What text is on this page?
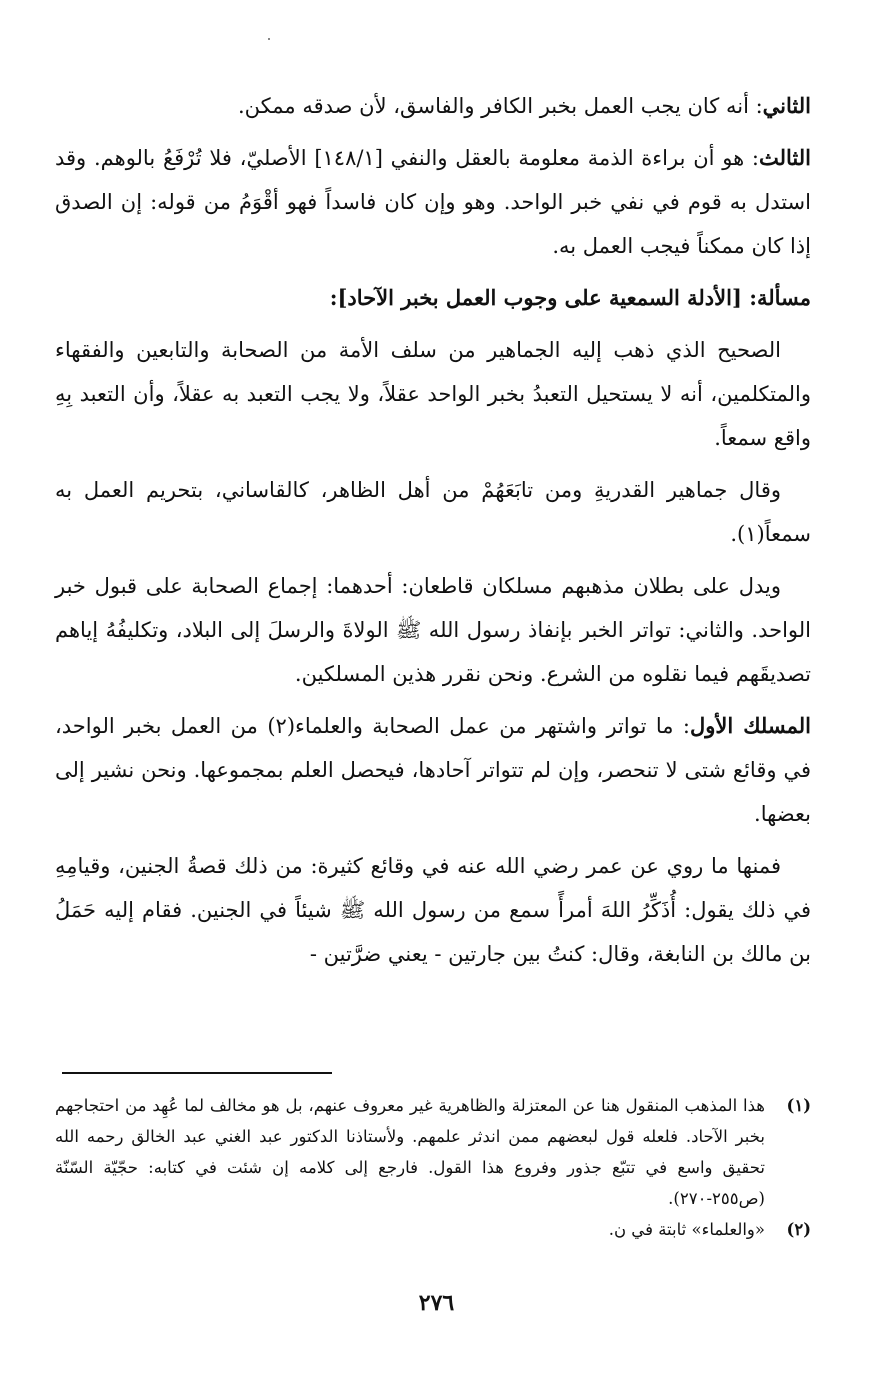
الثاني: أنه كان يجب العمل بخبر الكافر والفاسق، لأن صدقه ممكن.

الثالث: هو أن براءة الذمة معلومة بالعقل والنفي [١٤٨/١] الأصليّ، فلا تُرْفَعُ بالوهم. وقد استدل به قوم في نفي خبر الواحد. وهو وإن كان فاسداً فهو أقْوَمُ من قوله: إن الصدق إذا كان ممكناً فيجب العمل به.

مسألة: [الأدلة السمعية على وجوب العمل بخبر الآحاد]:

الصحيح الذي ذهب إليه الجماهير من سلف الأمة من الصحابة والتابعين والفقهاء والمتكلمين، أنه لا يستحيل التعبدُ بخبر الواحد عقلاً، ولا يجب التعبد به عقلاً، وأن التعبد بِهِ واقع سمعاً.

وقال جماهير القدريةِ ومن تابَعَهُمْ من أهل الظاهر، كالقاساني، بتحريم العمل به سمعاً(١).

ويدل على بطلان مذهبهم مسلكان قاطعان: أحدهما: إجماع الصحابة على قبول خبر الواحد. والثاني: تواتر الخبر بإنفاذ رسول الله ﷺ الولاةَ والرسلَ إلى البلاد، وتكليفُهُ إياهم تصديقَهم فيما نقلوه من الشرع. ونحن نقرر هذين المسلكين.

المسلك الأول: ما تواتر واشتهر من عمل الصحابة والعلماء(٢) من العمل بخبر الواحد، في وقائع شتى لا تنحصر، وإن لم تتواتر آحادها، فيحصل العلم بمجموعها. ونحن نشير إلى بعضها.

فمنها ما روي عن عمر رضي الله عنه في وقائع كثيرة: من ذلك قصةُ الجنين، وقيامِهِ في ذلك يقول: أُذَكِّرُ اللهَ أمرأً سمع من رسول الله ﷺ شيئاً في الجنين. فقام إليه حَمَلُ بن مالك بن النابغة، وقال: كنتُ بين جارتين - يعني ضرَّتين -

(١)
هذا المذهب المنقول هنا عن المعتزلة والظاهرية غير معروف عنهم، بل هو مخالف لما عُهِد من احتجاجهم بخبر الآحاد. فلعله قول لبعضهم ممن اندثر علمهم. ولأستاذنا الدكتور عبد الغني عبد الخالق رحمه الله تحقيق واسع في تتبّع جذور وفروع هذا القول. فارجع إلى كلامه إن شئت في كتابه: حجّيّة السّنّة (ص٢٥٥-٢٧٠).
(٢)
«والعلماء» ثابتة في ن.
٢٧٦
